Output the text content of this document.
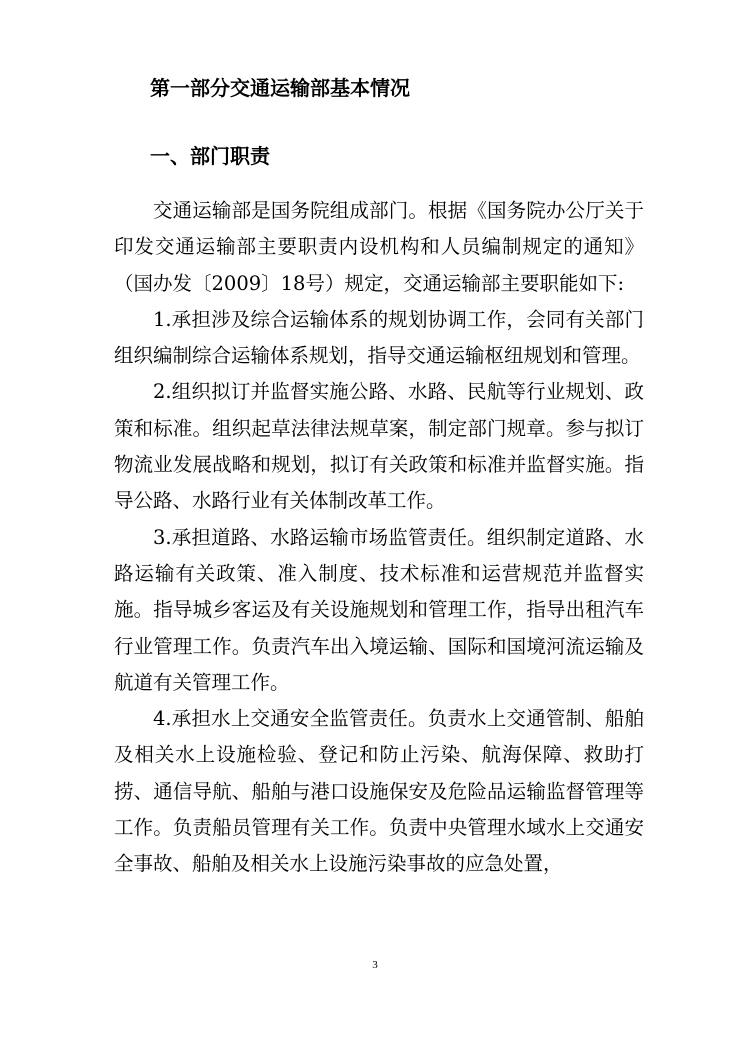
第一部分交通运输部基本情况
一、部门职责

交通运输部是国务院组成部门。根据《国务院办公厅关于印发交通运输部主要职责内设机构和人员编制规定的通知》（国办发〔2009〕18号）规定，交通运输部主要职能如下:

1.承担涉及综合运输体系的规划协调工作，会同有关部门组织编制综合运输体系规划，指导交通运输枢纽规划和管理。

2.组织拟订并监督实施公路、水路、民航等行业规划、政策和标准。组织起草法律法规草案，制定部门规章。参与拟订物流业发展战略和规划，拟订有关政策和标准并监督实施。指导公路、水路行业有关体制改革工作。

3.承担道路、水路运输市场监管责任。组织制定道路、水路运输有关政策、准入制度、技术标准和运营规范并监督实施。指导城乡客运及有关设施规划和管理工作，指导出租汽车行业管理工作。负责汽车出入境运输、国际和国境河流运输及航道有关管理工作。

4.承担水上交通安全监管责任。负责水上交通管制、船舶及相关水上设施检验、登记和防止污染、航海保障、救助打捞、通信导航、船舶与港口设施保安及危险品运输监督管理等工作。负责船员管理有关工作。负责中央管理水域水上交通安全事故、船舶及相关水上设施污染事故的应急处置，

3
